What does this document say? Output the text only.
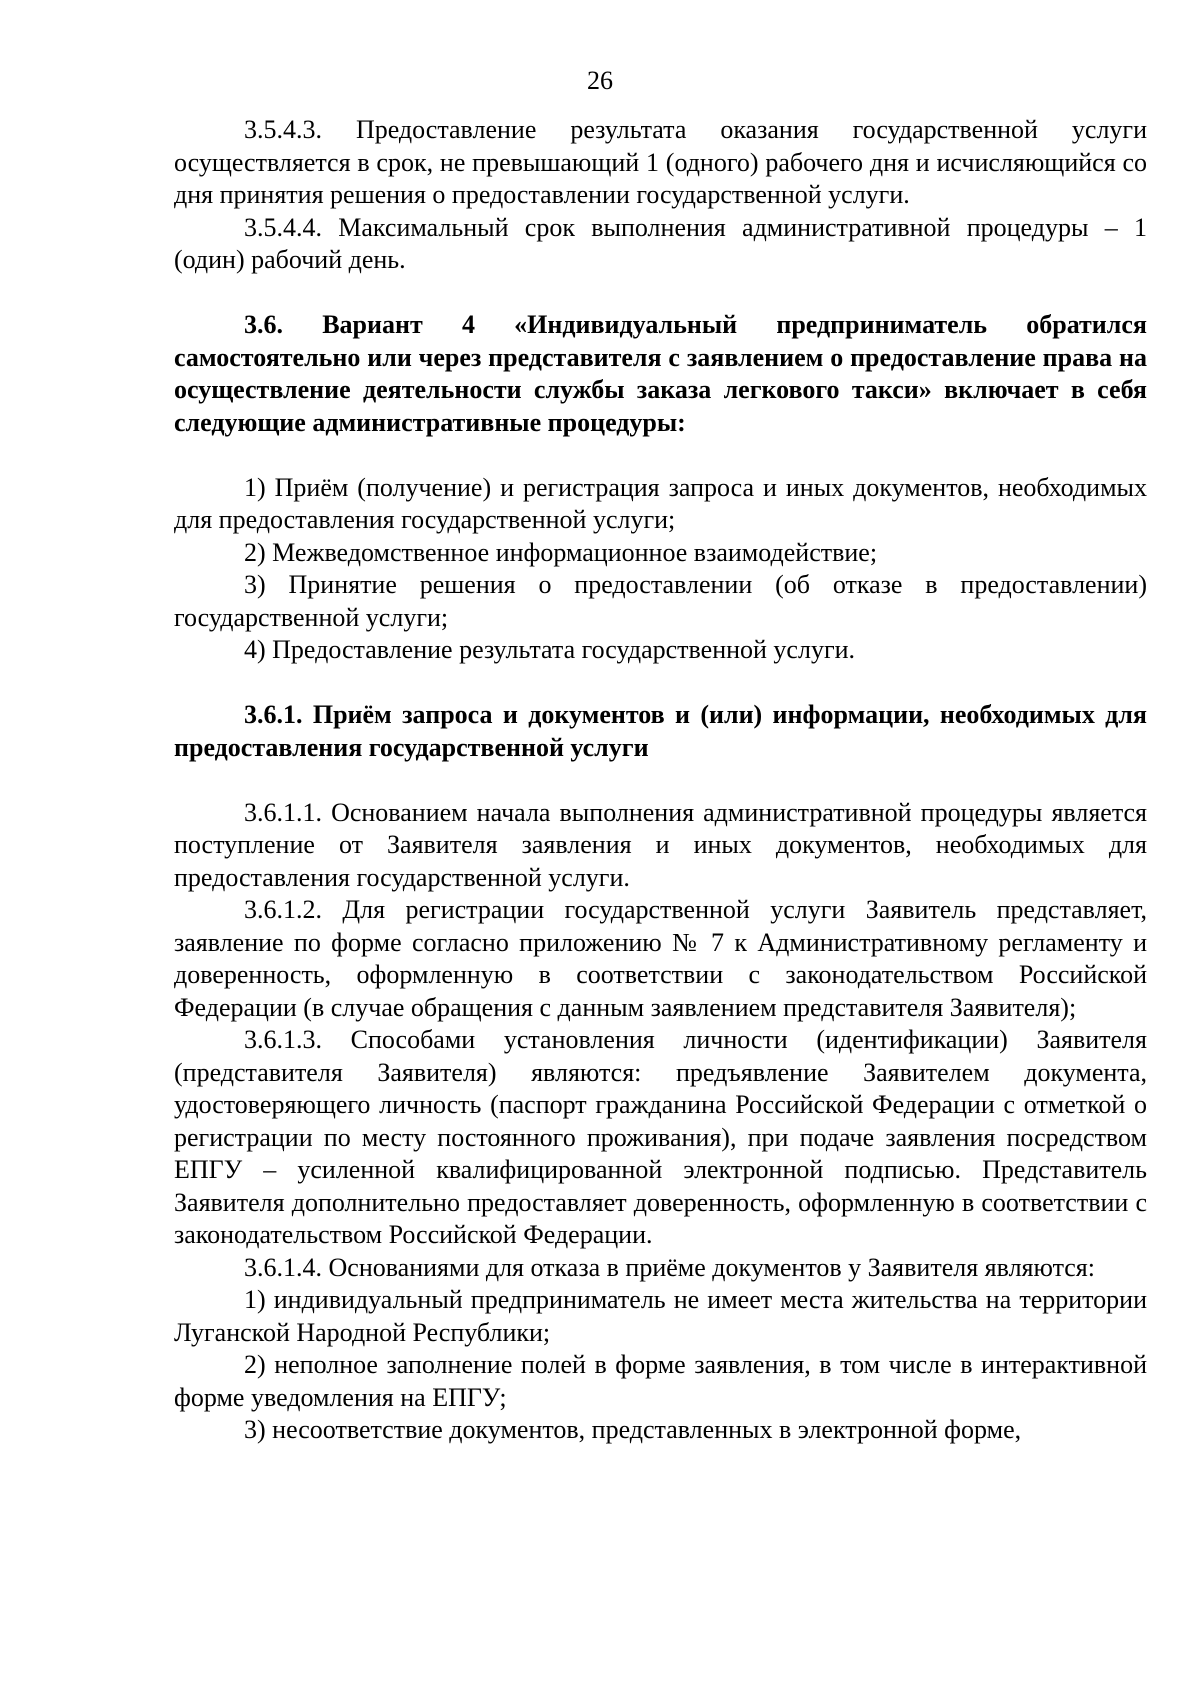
26

3.5.4.3. Предоставление результата оказания государственной услуги осуществляется в срок, не превышающий 1 (одного) рабочего дня и исчисляющийся со дня принятия решения о предоставлении государственной услуги.

3.5.4.4. Максимальный срок выполнения административной процедуры – 1 (один) рабочий день.

3.6. Вариант 4 «Индивидуальный предприниматель обратился самостоятельно или через представителя с заявлением о предоставление права на осуществление деятельности службы заказа легкового такси» включает в себя следующие административные процедуры:

1) Приём (получение) и регистрация запроса и иных документов, необходимых для предоставления государственной услуги;

2) Межведомственное информационное взаимодействие;

3) Принятие решения о предоставлении (об отказе в предоставлении) государственной услуги;

4) Предоставление результата государственной услуги.

3.6.1. Приём запроса и документов и (или) информации, необходимых для предоставления государственной услуги

3.6.1.1. Основанием начала выполнения административной процедуры является поступление от Заявителя заявления и иных документов, необходимых для предоставления государственной услуги.

3.6.1.2. Для регистрации государственной услуги Заявитель представляет, заявление по форме согласно приложению № 7 к Административному регламенту и доверенность, оформленную в соответствии с законодательством Российской Федерации (в случае обращения с данным заявлением представителя Заявителя);

3.6.1.3. Способами установления личности (идентификации) Заявителя (представителя Заявителя) являются: предъявление Заявителем документа, удостоверяющего личность (паспорт гражданина Российской Федерации с отметкой о регистрации по месту постоянного проживания), при подаче заявления посредством ЕПГУ – усиленной квалифицированной электронной подписью. Представитель Заявителя дополнительно предоставляет доверенность, оформленную в соответствии с законодательством Российской Федерации.

3.6.1.4. Основаниями для отказа в приёме документов у Заявителя являются:

1) индивидуальный предприниматель не имеет места жительства на территории Луганской Народной Республики;

2) неполное заполнение полей в форме заявления, в том числе в интерактивной форме уведомления на ЕПГУ;

3) несоответствие документов, представленных в электронной форме,
